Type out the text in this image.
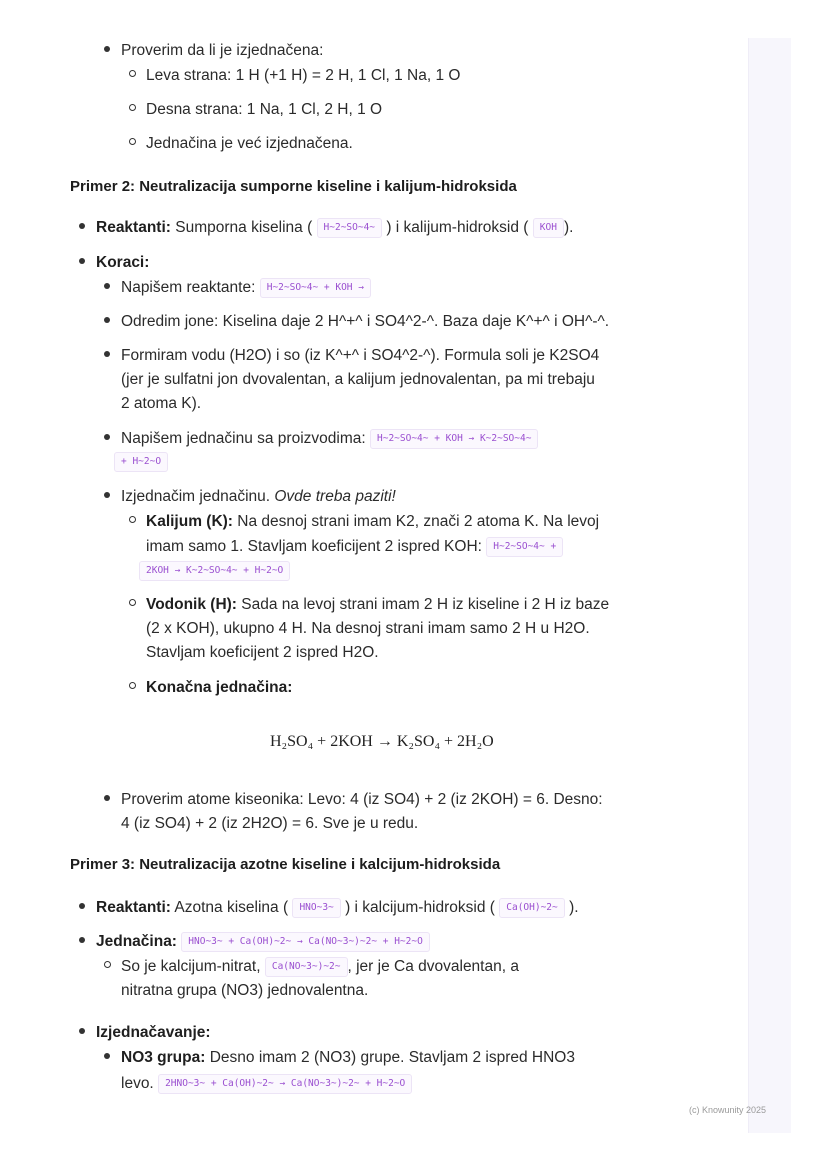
Proverim da li je izjednačena:
Leva strana: 1 H (+1 H) = 2 H, 1 Cl, 1 Na, 1 O
Desna strana: 1 Na, 1 Cl, 2 H, 1 O
Jednačina je već izjednačena.
Primer 2: Neutralizacija sumporne kiseline i kalijum-hidroksida
Reaktanti: Sumporna kiselina ( H~2~SO~4~ ) i kalijum-hidroksid ( KOH ).
Koraci:
Napišem reaktante: H~2~SO~4~ + KOH →
Odredim jone: Kiselina daje 2 H^+^ i SO4^2-^. Baza daje K^+^ i OH^-^.
Formiram vodu (H2O) i so (iz K^+^ i SO4^2-^). Formula soli je K2SO4
(jer je sulfatni jon dvovalentan, a kalijum jednovalentan, pa mi trebaju
2 atoma K).
Napišem jednačinu sa proizvodima: H~2~SO~4~ + KOH → K~2~SO~4~
+ H~2~O
Izjednačim jednačinu. Ovde treba paziti!
Kalijum (K): Na desnoj strani imam K2, znači 2 atoma K. Na levoj
imam samo 1. Stavljam koeficijent 2 ispred KOH: H~2~SO~4~ +
2KOH → K~2~SO~4~ + H~2~O
Vodonik (H): Sada na levoj strani imam 2 H iz kiseline i 2 H iz baze
(2 x KOH), ukupno 4 H. Na desnoj strani imam samo 2 H u H2O.
Stavljam koeficijent 2 ispred H2O.
Konačna jednačina:
H₂SO₄ + 2KOH → K₂SO₄ + 2H₂O
Proverim atome kiseonika: Levo: 4 (iz SO4) + 2 (iz 2KOH) = 6. Desno:
4 (iz SO4) + 2 (iz 2H2O) = 6. Sve je u redu.
Primer 3: Neutralizacija azotne kiseline i kalcijum-hidroksida
Reaktanti: Azotna kiselina ( HNO~3~ ) i kalcijum-hidroksid ( Ca(OH)~2~ ).
Jednačina: HNO~3~ + Ca(OH)~2~ → Ca(NO~3~)~2~ + H~2~O
So je kalcijum-nitrat, Ca(NO~3~)~2~ , jer je Ca dvovalentan, a
nitratna grupa (NO3) jednovalentna.
Izjednačavanje:
NO3 grupa: Desno imam 2 (NO3) grupe. Stavljam 2 ispred HNO3
levo. 2HNO~3~ + Ca(OH)~2~ → Ca(NO~3~)~2~ + H~2~O
(c) Knowunity 2025
